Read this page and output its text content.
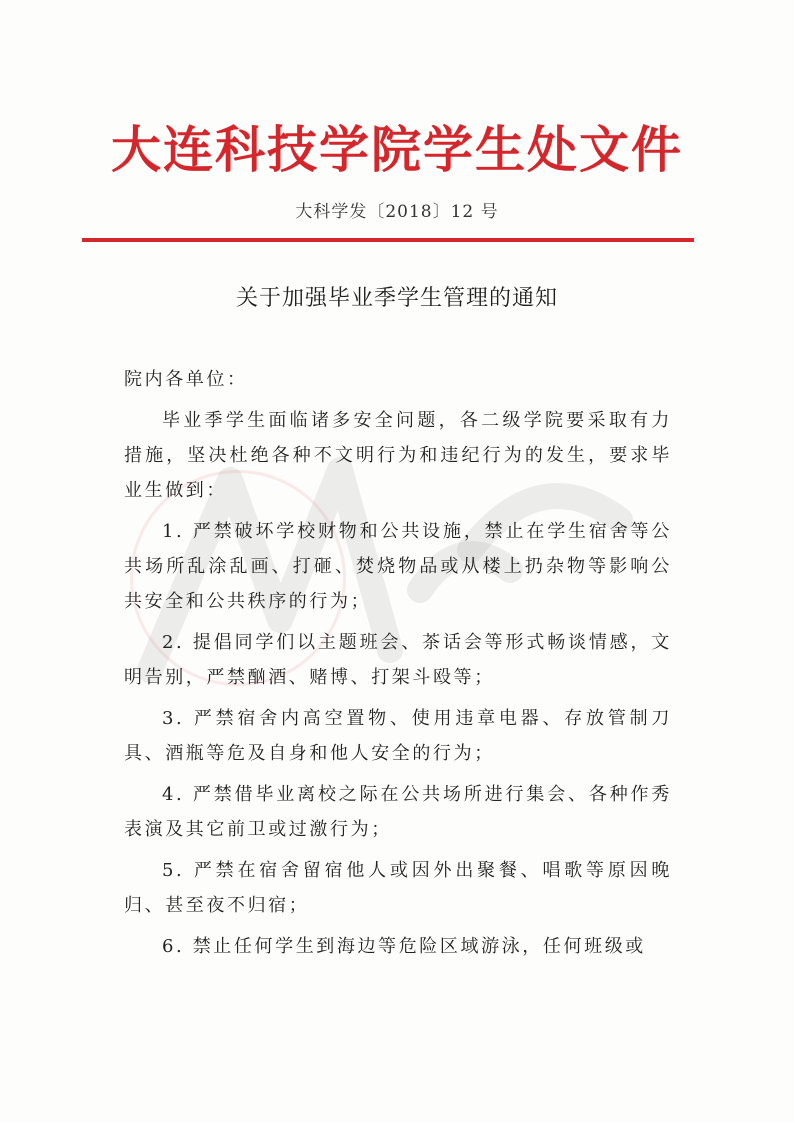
大连科技学院学生处文件
大科学发〔2018〕12 号
关于加强毕业季学生管理的通知

院内各单位：

毕业季学生面临诸多安全问题，各二级学院要采取有力措施，坚决杜绝各种不文明行为和违纪行为的发生，要求毕业生做到：

1. 严禁破坏学校财物和公共设施，禁止在学生宿舍等公共场所乱涂乱画、打砸、焚烧物品或从楼上扔杂物等影响公共安全和公共秩序的行为；

2. 提倡同学们以主题班会、茶话会等形式畅谈情感，文明告别，严禁酗酒、赌博、打架斗殴等；

3. 严禁宿舍内高空置物、使用违章电器、存放管制刀具、酒瓶等危及自身和他人安全的行为；

4. 严禁借毕业离校之际在公共场所进行集会、各种作秀表演及其它前卫或过激行为；

5. 严禁在宿舍留宿他人或因外出聚餐、唱歌等原因晚归、甚至夜不归宿；

6. 禁止任何学生到海边等危险区域游泳，任何班级或
